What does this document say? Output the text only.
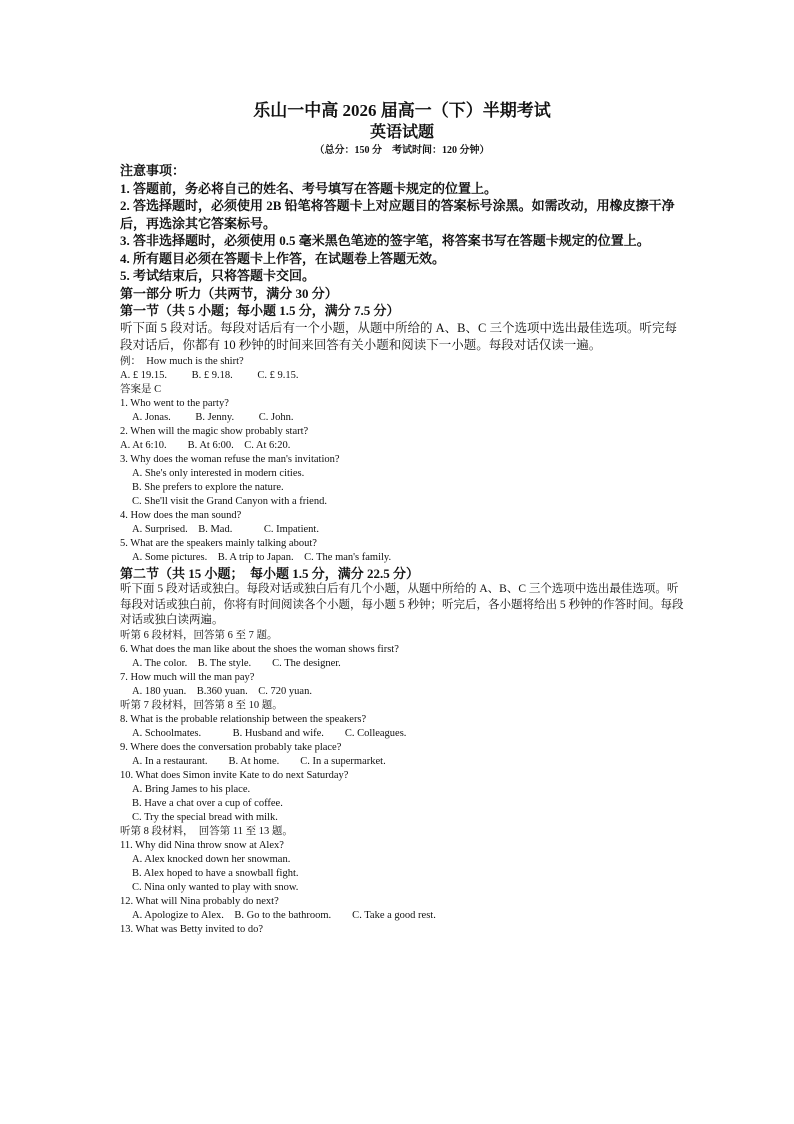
乐山一中高 2026 届高一（下）半期考试

英语试题

（总分：150 分　考试时间：120 分钟）

注意事项：

1. 答题前，务必将自己的姓名、考号填写在答题卡规定的位置上。

2. 答选择题时，必须使用 2B 铅笔将答题卡上对应题目的答案标号涂黑。如需改动，用橡皮擦干净后，再选涂其它答案标号。

3. 答非选择题时，必须使用 0.5 毫米黑色笔迹的签字笔，将答案书写在答题卡规定的位置上。

4. 所有题目必须在答题卡上作答，在试题卷上答题无效。

5. 考试结束后，只将答题卡交回。

第一部分 听力（共两节，满分 30 分）

第一节（共 5 小题；每小题 1.5 分，满分 7.5 分）

听下面 5 段对话。每段对话后有一个小题，从题中所给的 A、B、C 三个选项中选出最佳选项。听完每段对话后，你都有 10 秒钟的时间来回答有关小题和阅读下一小题。每段对话仅读一遍。

例：　How much is the shirt?

A. £ 19.15. B. £ 9.18. C. £ 9.15.

答案是 C

1. Who went to the party?

A. Jonas. B. Jenny. C. John.

2. When will the magic show probably start?

A. At 6:10.　　B. At 6:00.　C. At 6:20.

3. Why does the woman refuse the man's invitation?

A. She's only interested in modern cities.

B. She prefers to explore the nature.

C. She'll visit the Grand Canyon with a friend.

4. How does the man sound?

A. Surprised.　B. Mad.　　　C. Impatient.

5. What are the speakers mainly talking about?

A. Some pictures.　B. A trip to Japan.　C. The man's family.

第二节（共 15 小题；　每小题 1.5 分，满分 22.5 分）

听下面 5 段对话或独白。每段对话或独白后有几个小题，从题中所给的 A、B、C 三个选项中选出最佳选项。听每段对话或独白前，你将有时间阅读各个小题，每小题 5 秒钟；听完后，各小题将给出 5 秒钟的作答时间。每段对话或独白读两遍。

听第 6 段材料，回答第 6 至 7 题。

6. What does the man like about the shoes the woman shows first?

A. The color.　B. The style.　　C. The designer.

7. How much will the man pay?

A. 180 yuan.　B.360 yuan.　C. 720 yuan.

听第 7 段材料，回答第 8 至 10 题。

8. What is the probable relationship between the speakers?

A. Schoolmates.　　　B. Husband and wife.　　C. Colleagues.

9. Where does the conversation probably take place?

A. In a restaurant.　　B. At home.　　C. In a supermarket.

10. What does Simon invite Kate to do next Saturday?

A. Bring James to his place.

B. Have a chat over a cup of coffee.

C. Try the special bread with milk.

听第 8 段材料，　回答第 11 至 13 题。

11. Why did Nina throw snow at Alex?

A. Alex knocked down her snowman.

B. Alex hoped to have a snowball fight.

C. Nina only wanted to play with snow.

12. What will Nina probably do next?

A. Apologize to Alex.　B. Go to the bathroom.　　C. Take a good rest.

13. What was Betty invited to do?
